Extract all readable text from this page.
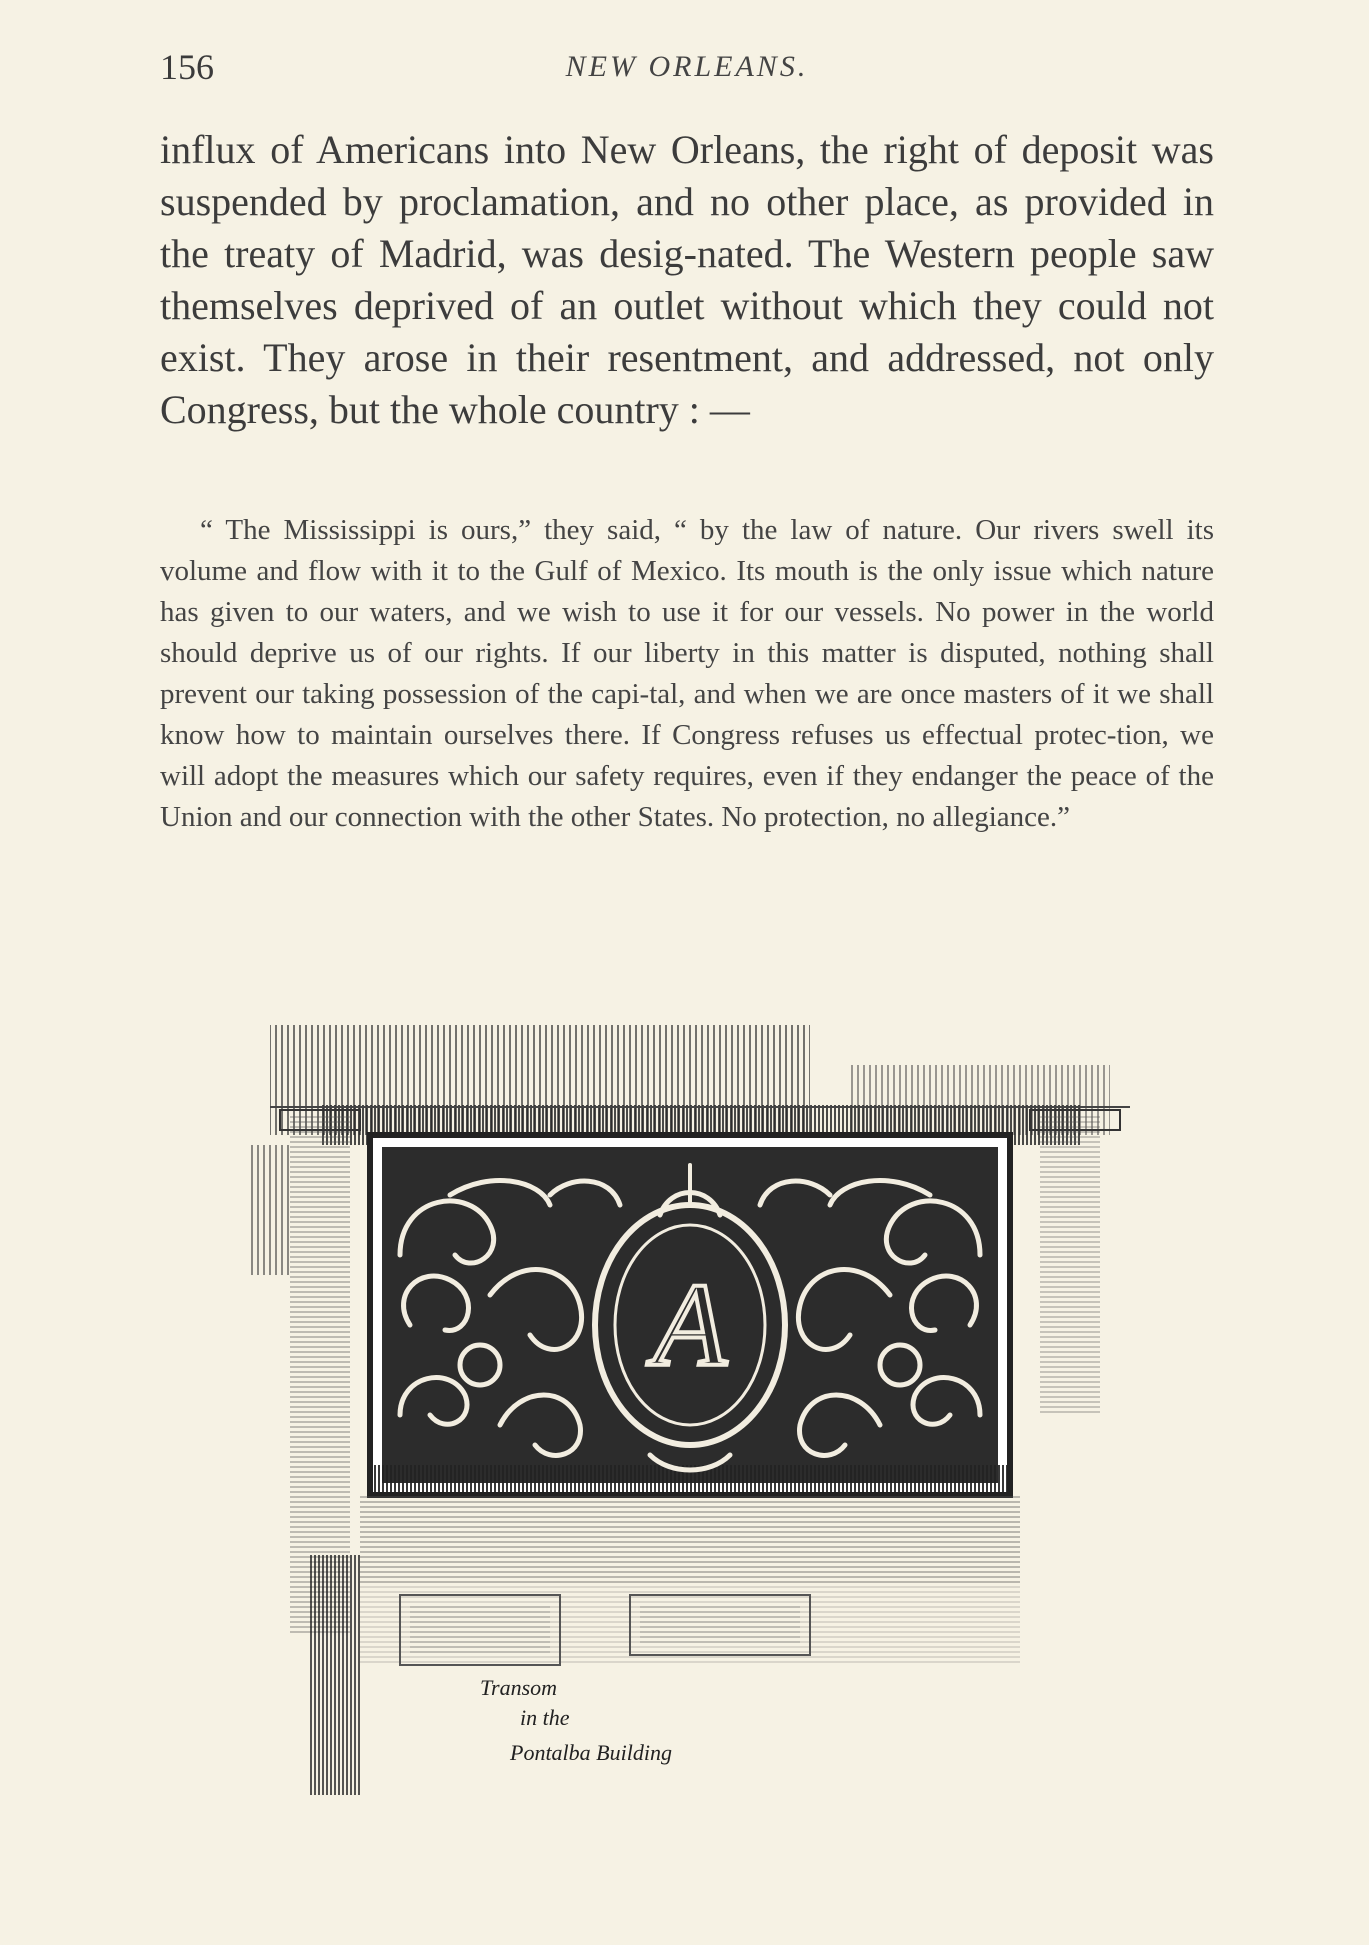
156	NEW ORLEANS.

influx of Americans into New Orleans, the right of deposit was suspended by proclamation, and no other place, as provided in the treaty of Madrid, was desig-nated. The Western people saw themselves deprived of an outlet without which they could not exist. They arose in their resentment, and addressed, not only Congress, but the whole country : —

“ The Mississippi is ours,” they said, “ by the law of nature. Our rivers swell its volume and flow with it to the Gulf of Mexico. Its mouth is the only issue which nature has given to our waters, and we wish to use it for our vessels. No power in the world should deprive us of our rights. If our liberty in this matter is disputed, nothing shall prevent our taking possession of the capi-tal, and when we are once masters of it we shall know how to maintain ourselves there. If Congress refuses us effectual protec-tion, we will adopt the measures which our safety requires, even if they endanger the peace of the Union and our connection with the other States. No protection, no allegiance.”

A
Transom
in the
Pontalba Building
